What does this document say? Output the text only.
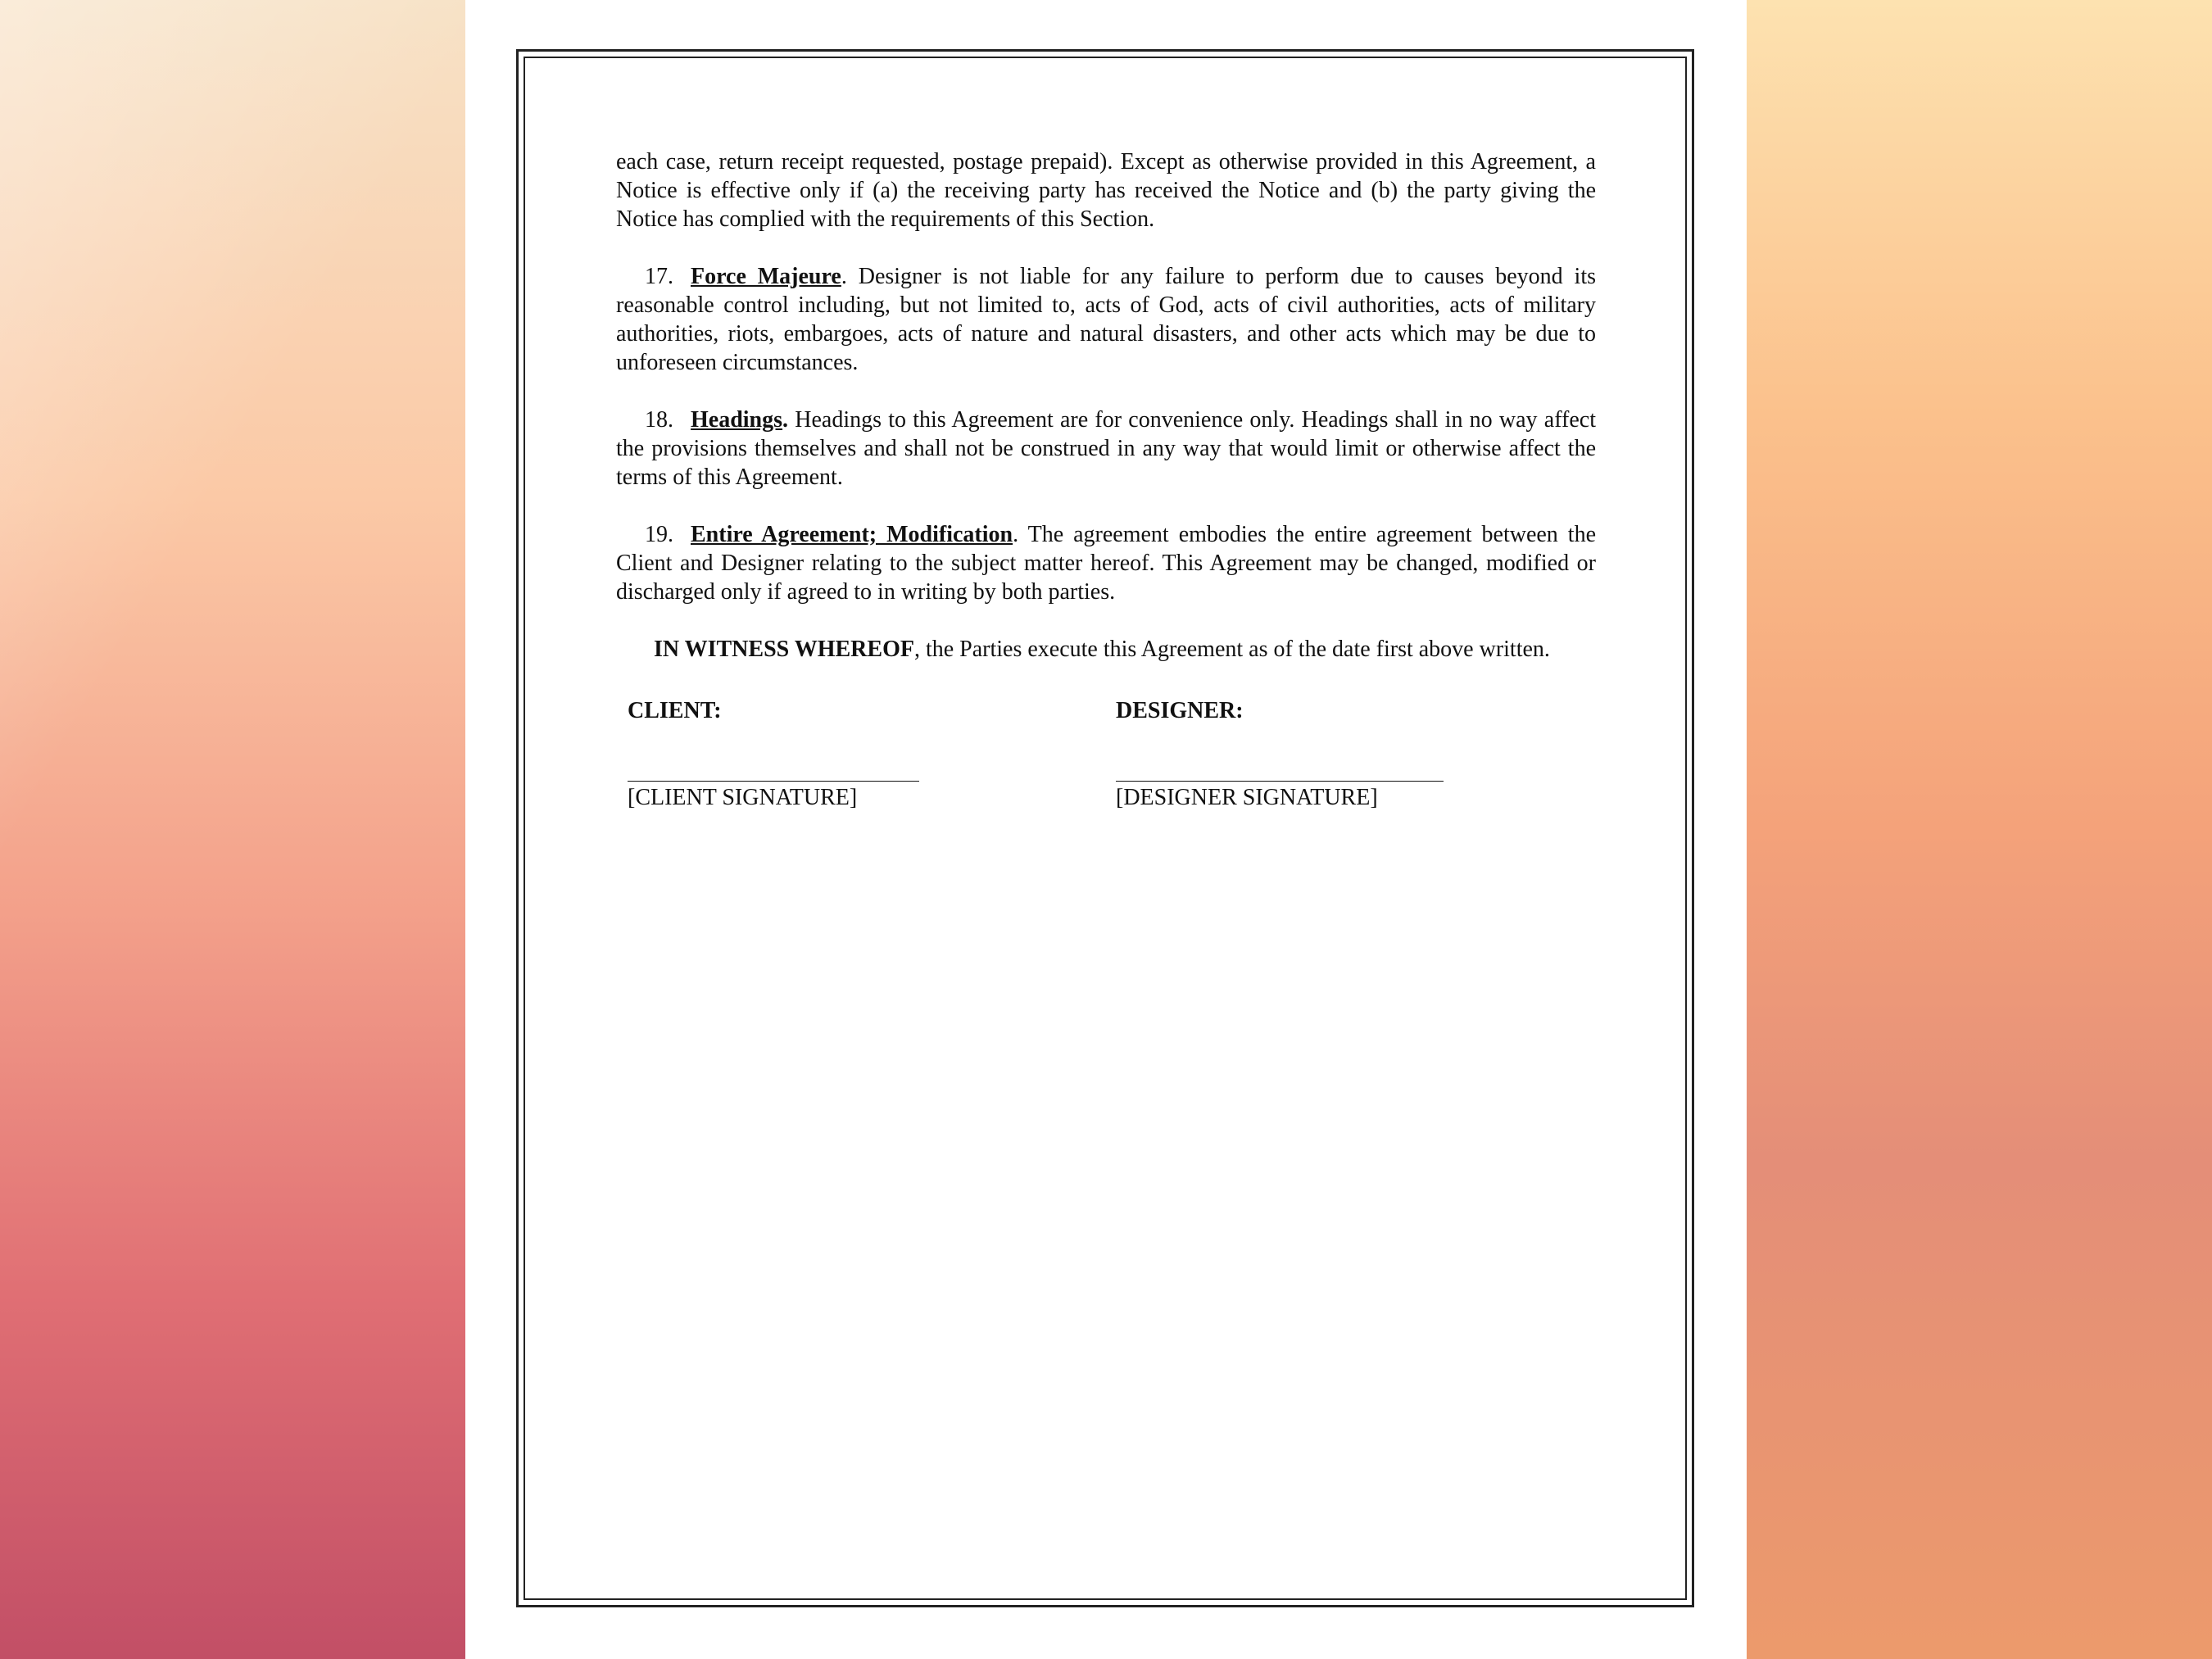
each case, return receipt requested, postage prepaid). Except as otherwise provided in this Agreement, a Notice is effective only if (a) the receiving party has received the Notice and (b) the party giving the Notice has complied with the requirements of this Section.

17. Force Majeure. Designer is not liable for any failure to perform due to causes beyond its reasonable control including, but not limited to, acts of God, acts of civil authorities, acts of military authorities, riots, embargoes, acts of nature and natural disasters, and other acts which may be due to unforeseen circumstances.

18. Headings. Headings to this Agreement are for convenience only. Headings shall in no way affect the provisions themselves and shall not be construed in any way that would limit or otherwise affect the terms of this Agreement.

19. Entire Agreement; Modification. The agreement embodies the entire agreement between the Client and Designer relating to the subject matter hereof. This Agreement may be changed, modified or discharged only if agreed to in writing by both parties.

IN WITNESS WHEREOF, the Parties execute this Agreement as of the date first above written.

CLIENT:
[CLIENT SIGNATURE]
DESIGNER:
[DESIGNER SIGNATURE]
